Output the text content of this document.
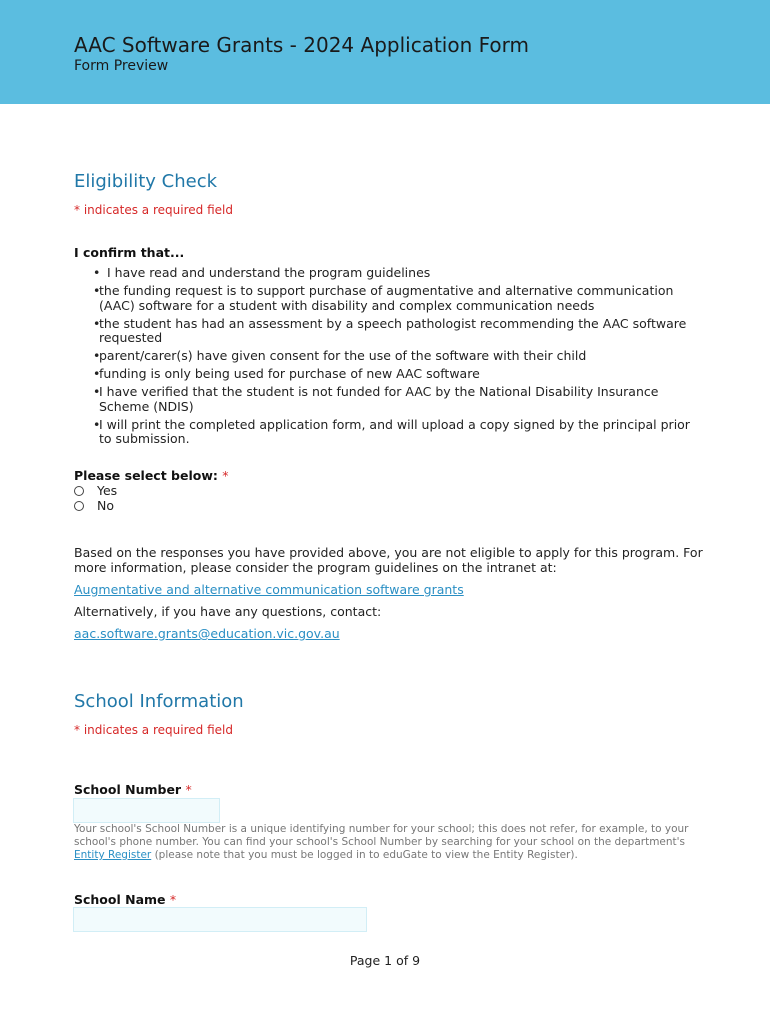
AAC Software Grants - 2024 Application Form
Form Preview
Eligibility Check
* indicates a required field
I confirm that...
• I have read and understand the program guidelines
•
the funding request is to support purchase of augmentative and alternative communication (AAC) software for a student with disability and complex communication needs
•
the student has had an assessment by a speech pathologist recommending the AAC software requested
•
parent/carer(s) have given consent for the use of the software with their child
•
funding is only being used for purchase of new AAC software
•
I have verified that the student is not funded for AAC by the National Disability Insurance Scheme (NDIS)
•
I will print the completed application form, and will upload a copy signed by the principal prior to submission.
Please select below: *
Yes
No
Based on the responses you have provided above, you are not eligible to apply for this program. For more information, please consider the program guidelines on the intranet at:
Augmentative and alternative communication software grants
Alternatively, if you have any questions, contact:
aac.software.grants@education.vic.gov.au
School Information
* indicates a required field
School Number *
Your school's School Number is a unique identifying number for your school; this does not refer, for example, to your school's phone number. You can find your school's School Number by searching for your school on the department's Entity Register (please note that you must be logged in to eduGate to view the Entity Register).
School Name *
Page 1 of 9
